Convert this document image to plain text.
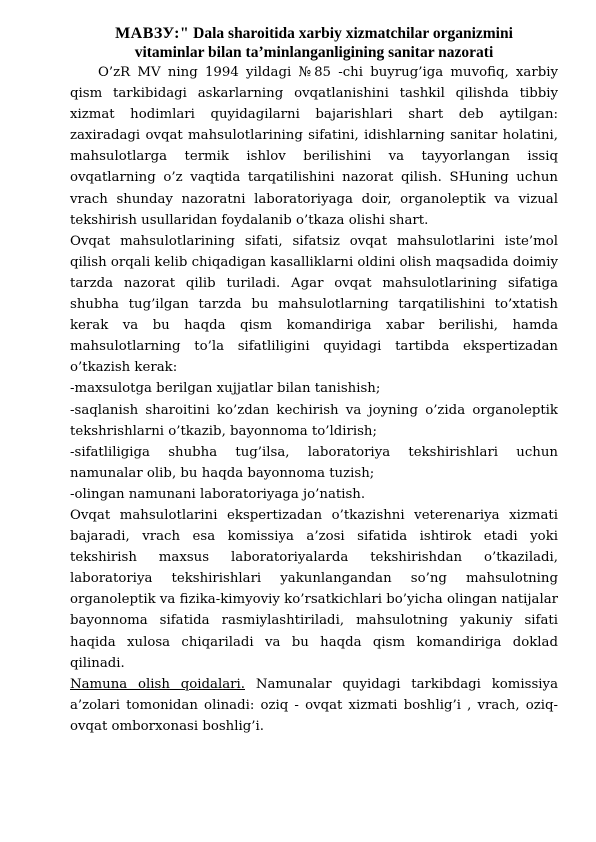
МАВЗУ:" Dala sharoitida xarbiy xizmatchilar organizmini
vitaminlar bilan ta’minlanganligining sanitar nazorati

O’zR MV ning 1994 yildagi №85 -chi buyrug’iga muvofiq, xarbiy qism tarkibidagi askarlarning ovqatlanishini tashkil qilishda tibbiy xizmat hodimlari quyidagilarni bajarishlari shart deb aytilgan: zaxiradagi ovqat mahsulotlarining sifatini, idishlarning sanitar holatini, mahsulotlarga termik ishlov berilishini va tayyorlangan issiq ovqatlarning o’z vaqtida tarqatilishini nazorat qilish. SHuning uchun vrach shunday nazoratni laboratoriyaga doir, organoleptik va vizual tekshirish usullaridan foydalanib o’tkaza olishi shart.

Ovqat mahsulotlarining sifati, sifatsiz ovqat mahsulotlarini iste’mol qilish orqali kelib chiqadigan kasalliklarni oldini olish maqsadida doimiy tarzda nazorat qilib turiladi. Agar ovqat mahsulotlarining sifatiga shubha tug’ilgan tarzda bu mahsulotlarning tarqatilishini to’xtatish kerak va bu haqda qism komandiriga xabar berilishi, hamda mahsulotlarning to’la sifatliligini quyidagi tartibda ekspertizadan o’tkazish kerak:

-maxsulotga berilgan xujjatlar bilan tanishish;

-saqlanish sharoitini ko’zdan kechirish va joyning o’zida organoleptik tekshrishlarni o’tkazib, bayonnoma to’ldirish;

-sifatliligiga shubha tug’ilsa, laboratoriya tekshirishlari uchun namunalar olib, bu haqda bayonnoma tuzish;

-olingan namunani laboratoriyaga jo’natish.

Ovqat mahsulotlarini ekspertizadan o’tkazishni veterenariya xizmati bajaradi, vrach esa komissiya a’zosi sifatida ishtirok etadi yoki tekshirish maxsus laboratoriyalarda tekshirishdan o’tkaziladi, laboratoriya tekshirishlari yakunlangandan so’ng mahsulotning organoleptik va fizika-kimyoviy ko’rsatkichlari bo’yicha olingan natijalar bayonnoma sifatida rasmiylashtiriladi, mahsulotning yakuniy sifati haqida xulosa chiqariladi va bu haqda qism komandiriga doklad qilinadi.

Namuna olish qoidalari. Namunalar quyidagi tarkibdagi komissiya a’zolari tomonidan olinadi: oziq - ovqat xizmati boshlig’i , vrach, oziq-ovqat omborxonasi boshlig’i.
